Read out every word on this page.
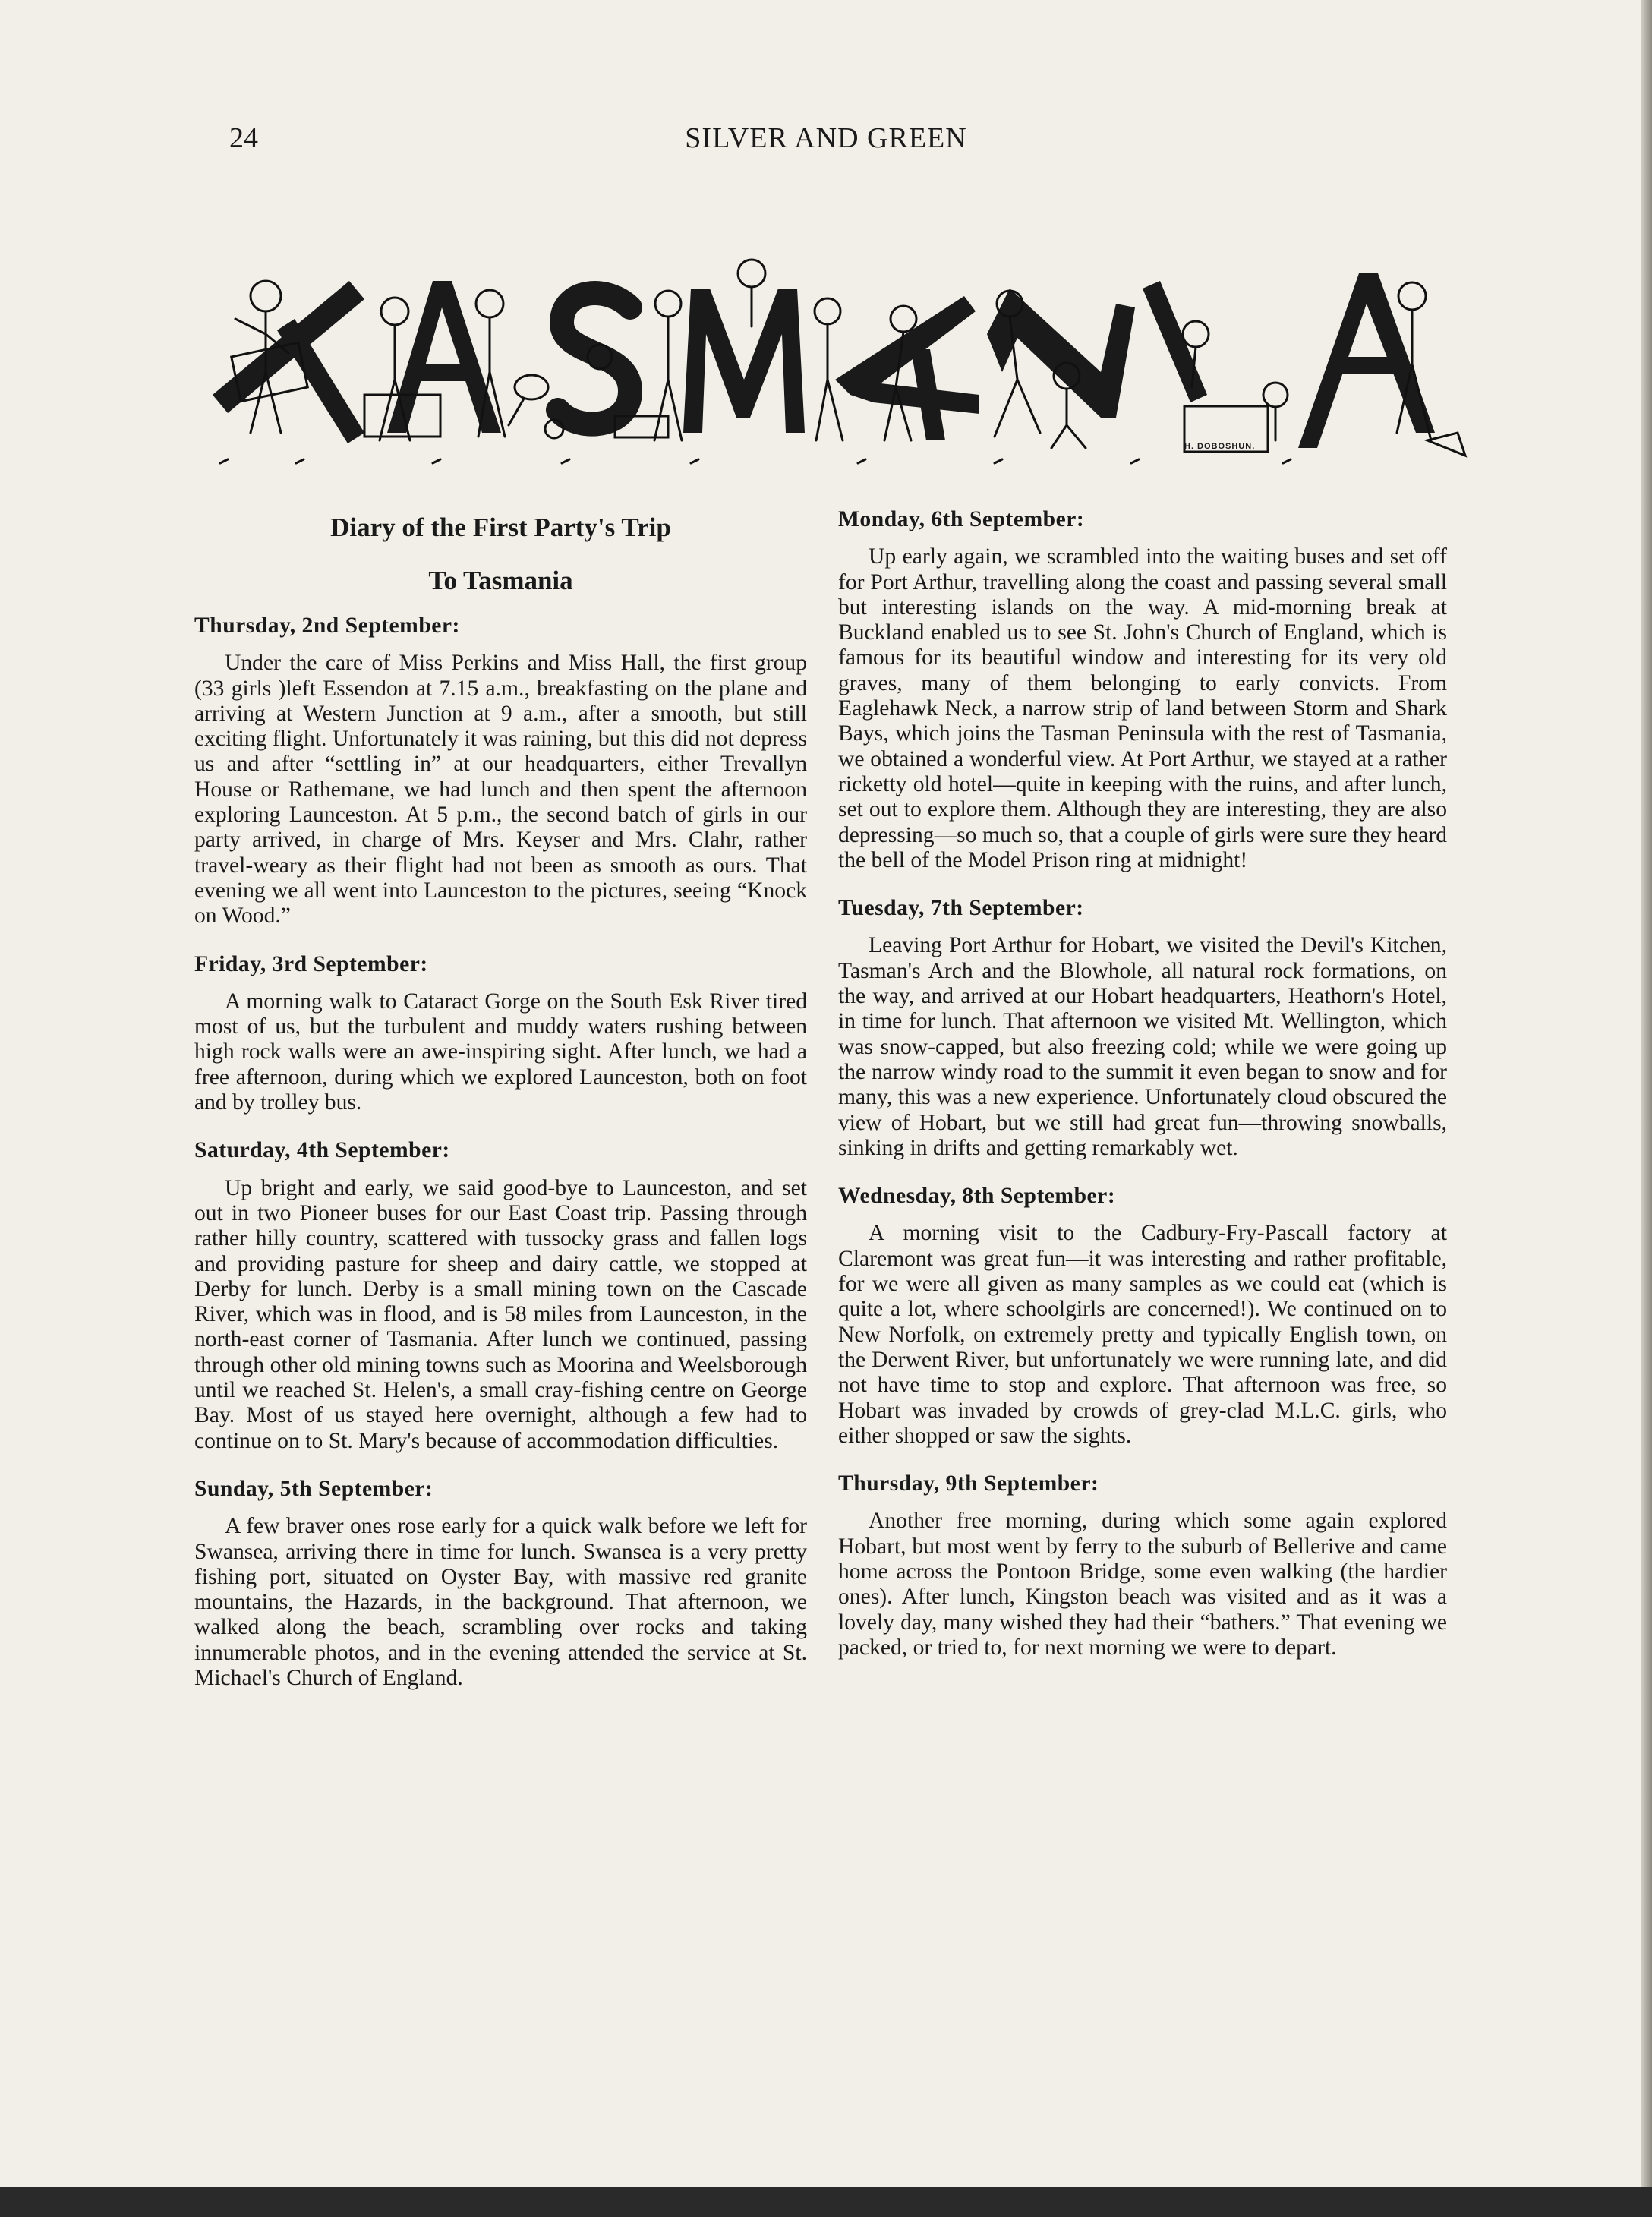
24	SILVER AND GREEN
H. DOBOSHUN.
Diary of the First Party's Trip
To Tasmania
Thursday, 2nd September:

Under the care of Miss Perkins and Miss Hall, the first group (33 girls )left Essendon at 7.15 a.m., breakfasting on the plane and arriving at Western Junction at 9 a.m., after a smooth, but still exciting flight. Unfortunately it was raining, but this did not depress us and after “settling in” at our headquarters, either Trevallyn House or Rathemane, we had lunch and then spent the afternoon exploring Launceston. At 5 p.m., the second batch of girls in our party arrived, in charge of Mrs. Keyser and Mrs. Clahr, rather travel-weary as their flight had not been as smooth as ours. That evening we all went into Launceston to the pictures, seeing “Knock on Wood.”

Friday, 3rd September:

A morning walk to Cataract Gorge on the South Esk River tired most of us, but the turbulent and muddy waters rushing between high rock walls were an awe-inspiring sight. After lunch, we had a free afternoon, during which we explored Launceston, both on foot and by trolley bus.

Saturday, 4th September:

Up bright and early, we said good-bye to Launceston, and set out in two Pioneer buses for our East Coast trip. Passing through rather hilly country, scattered with tussocky grass and fallen logs and providing pasture for sheep and dairy cattle, we stopped at Derby for lunch. Derby is a small mining town on the Cascade River, which was in flood, and is 58 miles from Launceston, in the north-east corner of Tasmania. After lunch we continued, passing through other old mining towns such as Moorina and Weelsborough until we reached St. Helen's, a small cray-fishing centre on George Bay. Most of us stayed here overnight, although a few had to continue on to St. Mary's because of accommodation difficulties.

Sunday, 5th September:

A few braver ones rose early for a quick walk before we left for Swansea, arriving there in time for lunch. Swansea is a very pretty fishing port, situated on Oyster Bay, with massive red granite mountains, the Hazards, in the background. That afternoon, we walked along the beach, scrambling over rocks and taking innumerable photos, and in the evening attended the service at St. Michael's Church of England.

Monday, 6th September:

Up early again, we scrambled into the waiting buses and set off for Port Arthur, travelling along the coast and passing several small but interesting islands on the way. A mid-morning break at Buckland enabled us to see St. John's Church of England, which is famous for its beautiful window and interesting for its very old graves, many of them belonging to early convicts. From Eaglehawk Neck, a narrow strip of land between Storm and Shark Bays, which joins the Tasman Peninsula with the rest of Tasmania, we obtained a wonderful view. At Port Arthur, we stayed at a rather ricketty old hotel—quite in keeping with the ruins, and after lunch, set out to explore them. Although they are interesting, they are also depressing—so much so, that a couple of girls were sure they heard the bell of the Model Prison ring at midnight!

Tuesday, 7th September:

Leaving Port Arthur for Hobart, we visited the Devil's Kitchen, Tasman's Arch and the Blowhole, all natural rock formations, on the way, and arrived at our Hobart headquarters, Heathorn's Hotel, in time for lunch. That afternoon we visited Mt. Wellington, which was snow-capped, but also freezing cold; while we were going up the narrow windy road to the summit it even began to snow and for many, this was a new experience. Unfortunately cloud obscured the view of Hobart, but we still had great fun—throwing snowballs, sinking in drifts and getting remarkably wet.

Wednesday, 8th September:

A morning visit to the Cadbury-Fry-Pascall factory at Claremont was great fun—it was interesting and rather profitable, for we were all given as many samples as we could eat (which is quite a lot, where schoolgirls are concerned!). We continued on to New Norfolk, on extremely pretty and typically English town, on the Derwent River, but unfortunately we were running late, and did not have time to stop and explore. That afternoon was free, so Hobart was invaded by crowds of grey-clad M.L.C. girls, who either shopped or saw the sights.

Thursday, 9th September:

Another free morning, during which some again explored Hobart, but most went by ferry to the suburb of Bellerive and came home across the Pontoon Bridge, some even walking (the hardier ones). After lunch, Kingston beach was visited and as it was a lovely day, many wished they had their “bathers.” That evening we packed, or tried to, for next morning we were to depart.
